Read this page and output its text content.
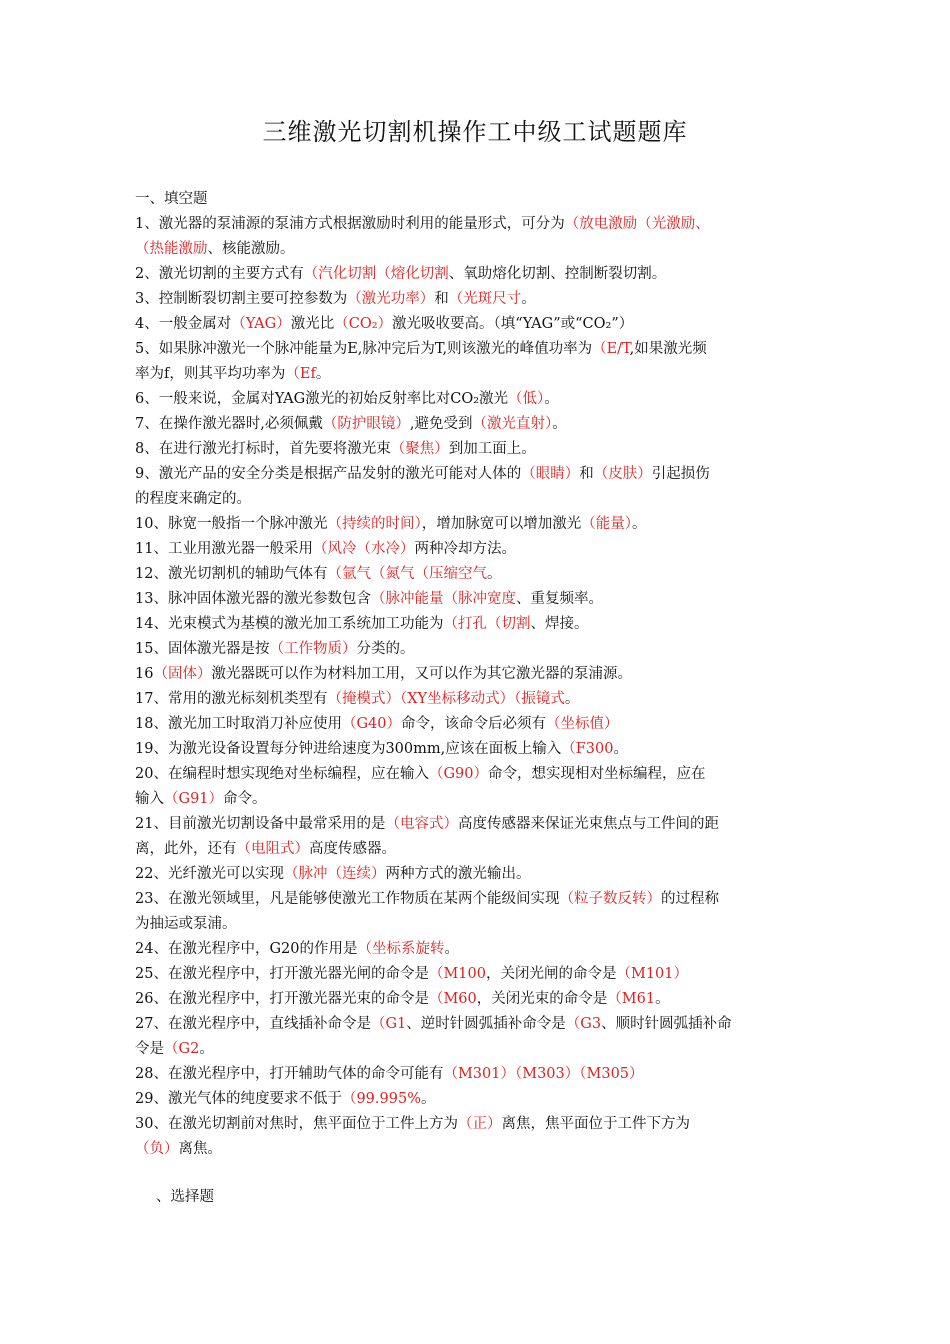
三维激光切割机操作工中级工试题题库
一、填空题
1、激光器的泵浦源的泵浦方式根据激励时利用的能量形式，可分为（放电激励（光激励、
（热能激励、核能激励。
2、激光切割的主要方式有（汽化切割（熔化切割、氧助熔化切割、控制断裂切割。
3、控制断裂切割主要可控参数为（激光功率）和（光斑尺寸。
4、一般金属对（YAG）激光比（CO₂）激光吸收要高。（填“YAG”或“CO₂”）
5、如果脉冲激光一个脉冲能量为E,脉冲完后为T,则该激光的峰值功率为（E/T,如果激光频
率为f，则其平均功率为（Ef。
6、一般来说，金属对YAG激光的初始反射率比对CO₂激光（低）。
7、在操作激光器时,必须佩戴（防护眼镜）,避免受到（激光直射）。
8、在进行激光打标时，首先要将激光束（聚焦）到加工面上。
9、激光产品的安全分类是根据产品发射的激光可能对人体的（眼睛）和（皮肤）引起损伤
的程度来确定的。
10、脉宽一般指一个脉冲激光（持续的时间），增加脉宽可以增加激光（能量）。
11、工业用激光器一般采用（风冷（水冷）两种冷却方法。
12、激光切割机的辅助气体有（氩气（氮气（压缩空气。
13、脉冲固体激光器的激光参数包含（脉冲能量（脉冲宽度、重复频率。
14、光束模式为基模的激光加工系统加工功能为（打孔（切割、焊接。
15、固体激光器是按（工作物质）分类的。
16（固体）激光器既可以作为材料加工用，又可以作为其它激光器的泵浦源。
17、常用的激光标刻机类型有（掩模式）（XY坐标移动式）（振镜式。
18、激光加工时取消刀补应使用（G40）命令，该命令后必须有（坐标值）
19、为激光设备设置每分钟进给速度为300mm,应该在面板上输入（F300。
20、在编程时想实现绝对坐标编程，应在输入（G90）命令，想实现相对坐标编程，应在
输入（G91）命令。
21、目前激光切割设备中最常采用的是（电容式）高度传感器来保证光束焦点与工件间的距
离，此外，还有（电阻式）高度传感器。
22、光纤激光可以实现（脉冲（连续）两种方式的激光输出。
23、在激光领域里，凡是能够使激光工作物质在某两个能级间实现（粒子数反转）的过程称
为抽运或泵浦。
24、在激光程序中，G20的作用是（坐标系旋转。
25、在激光程序中，打开激光器光闸的命令是（M100，关闭光闸的命令是（M101）
26、在激光程序中，打开激光器光束的命令是（M60，关闭光束的命令是（M61。
27、在激光程序中，直线插补命令是（G1、逆时针圆弧插补命令是（G3、顺时针圆弧插补命
令是（G2。
28、在激光程序中，打开辅助气体的命令可能有（M301）（M303）（M305）
29、激光气体的纯度要求不低于（99.995%。
30、在激光切割前对焦时，焦平面位于工件上方为（正）离焦，焦平面位于工件下方为
（负）离焦。
、选择题
